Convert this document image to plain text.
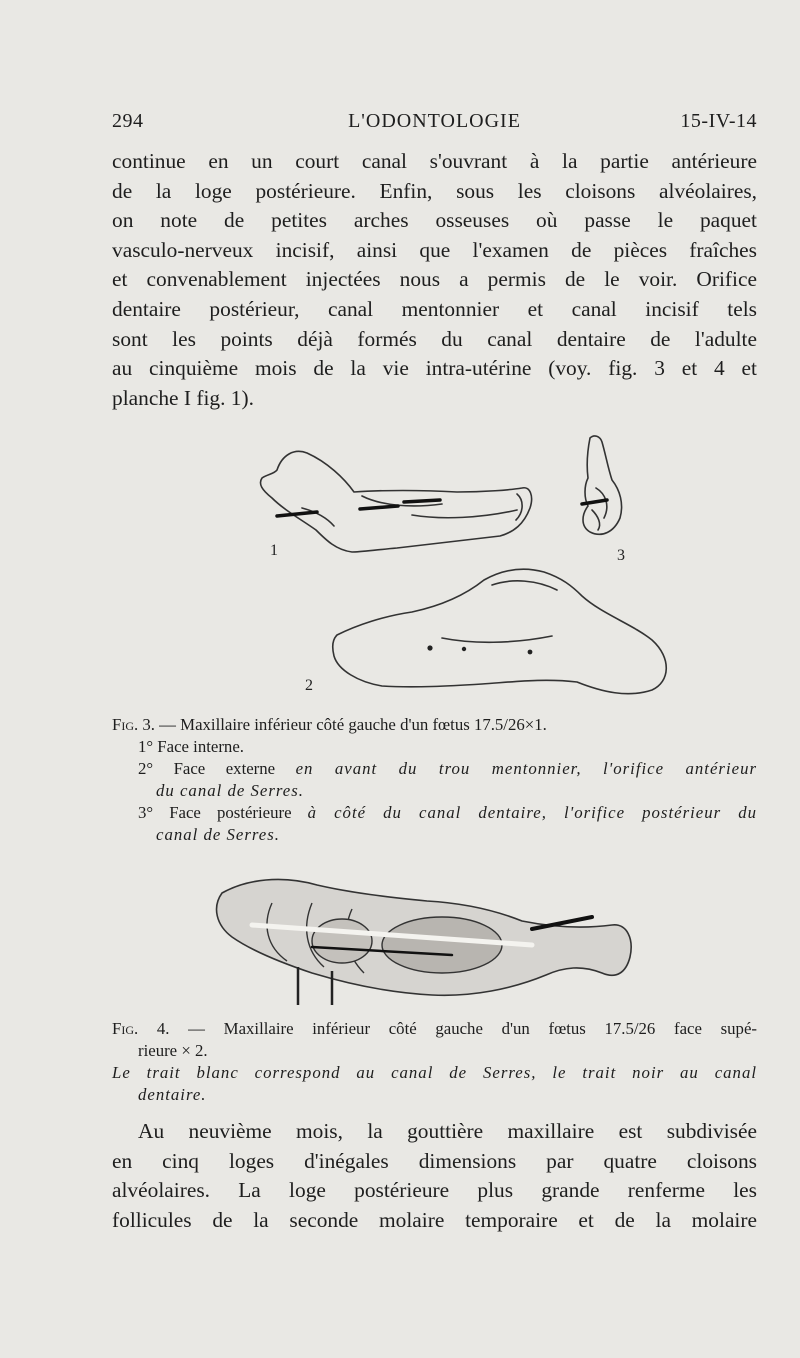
294	L'ODONTOLOGIE	15-IV-14
continue en un court canal s'ouvrant à la partie antérieure
de la loge postérieure. Enfin, sous les cloisons alvéolaires,
on note de petites arches osseuses où passe le paquet
vasculo-nerveux incisif, ainsi que l'examen de pièces fraîches
et convenablement injectées nous a permis de le voir. Orifice
dentaire postérieur, canal mentonnier et canal incisif tels
sont les points déjà formés du canal dentaire de l'adulte
au cinquième mois de la vie intra-utérine (voy. fig. 3 et 4 et
planche I fig. 1).
1
2
3
Fig. 3. — Maxillaire inférieur côté gauche d'un fœtus 17.5/26×1.
1° Face interne.
2° Face externe en avant du trou mentonnier, l'orifice antérieur
du canal de Serres.
3° Face postérieure à côté du canal dentaire, l'orifice postérieur du
canal de Serres.
Fig. 4. — Maxillaire inférieur côté gauche d'un fœtus 17.5/26 face supé-
rieure × 2.
Le trait blanc correspond au canal de Serres, le trait noir au canal
dentaire.
Au neuvième mois, la gouttière maxillaire est subdivisée
en cinq loges d'inégales dimensions par quatre cloisons
alvéolaires. La loge postérieure plus grande renferme les
follicules de la seconde molaire temporaire et de la molaire
